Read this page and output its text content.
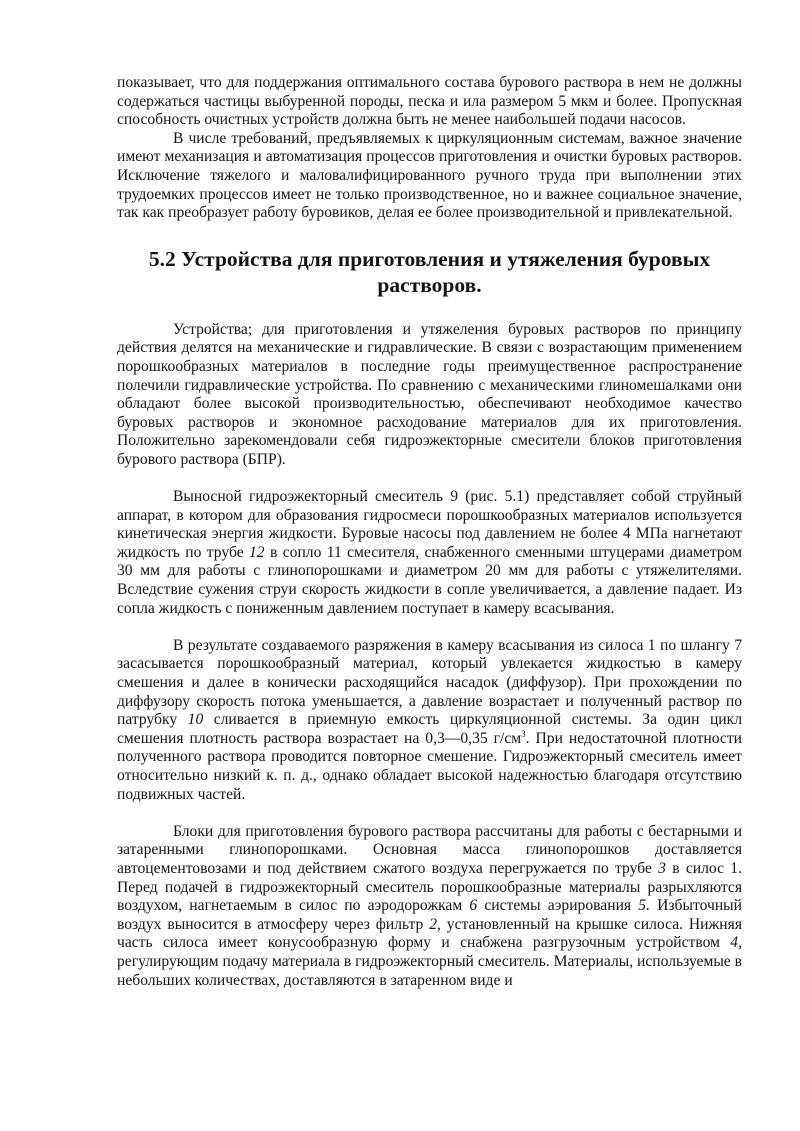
показывает, что для поддержания оптимального состава бурового раствора в нем не должны содержаться частицы выбуренной породы, песка и ила размером 5 мкм и более. Пропускная способность очистных устройств должна быть не менее наибольшей подачи насосов.

В числе требований, предъявляемых к циркуляционным системам, важное значение имеют механизация и автоматизация процессов приготовления и очистки буровых растворов. Исключение тяжелого и маловалифицированного ручного труда при выполнении этих трудоемких процессов имеет не только производственное, но и важнее социальное значение, так как преобразует работу буровиков, делая ее более производительной и привлекательной.

5.2 Устройства для приготовления и утяжеления буровых
растворов.

Устройства; для приготовления и утяжеления буровых растворов по принципу действия делятся на механические и гидравлические. В связи с возрастающим применением порошкообразных материалов в последние годы преимущественное распространение полечили гидравлические устройства. По сравнению с механическими глиномешалками они обладают более высокой производительностью, обеспечивают необходимое качество буровых растворов и экономное расходование материалов для их приготовления. Положительно зарекомендовали себя гидроэжекторные смесители блоков приготовления бурового раствора (БПР).

Выносной гидроэжекторный смеситель 9 (рис. 5.1) представляет собой струйный аппарат, в котором для образования гидросмеси порошкообразных материалов используется кинетическая энергия жидкости. Буровые насосы под давлением не более 4 МПа нагнетают жидкость по трубе 12 в сопло 11 смесителя, снабженного сменными штуцерами диаметром 30 мм для работы с глинопорошками и диаметром 20 мм для работы с утяжелителями. Вследствие сужения струи скорость жидкости в сопле увеличивается, а давление падает. Из сопла жидкость с пониженным давлением поступает в камеру всасывания.

В результате создаваемого разряжения в камеру всасывания из силоса 1 по шлангу 7 засасывается порошкообразный материал, который увлекается жидкостью в камеру смешения и далее в конически расходящийся насадок (диффузор). При прохождении по диффузору скорость потока уменьшается, а давление возрастает и полученный раствор по патрубку 10 сливается в приемную емкость циркуляционной системы. За один цикл смешения плотность раствора возрастает на 0,3—0,35 $г/см^3$. При недостаточной плотности полученного раствора проводится повторное смешение. Гидроэжекторный смеситель имеет относительно низкий к. п. д., однако обладает высокой надежностью благодаря отсутствию подвижных частей.

Блоки для приготовления бурового раствора рассчитаны для работы с бестарными и затаренными глинопорошками. Основная масса глинопорошков доставляется автоцементовозами и под действием сжатого воздуха перегружается по трубе 3 в силос 1. Перед подачей в гидроэжекторный смеситель порошкообразные материалы разрыхляются воздухом, нагнетаемым в силос по аэродорожкам 6 системы аэрирования 5. Избыточный воздух выносится в атмосферу через фильтр 2, установленный на крышке силоса. Нижняя часть силоса имеет конусообразную форму и снабжена разгрузочным устройством 4, регулирующим подачу материала в гидроэжекторный смеситель. Материалы, используемые в небольших количествах, доставляются в затаренном виде и
